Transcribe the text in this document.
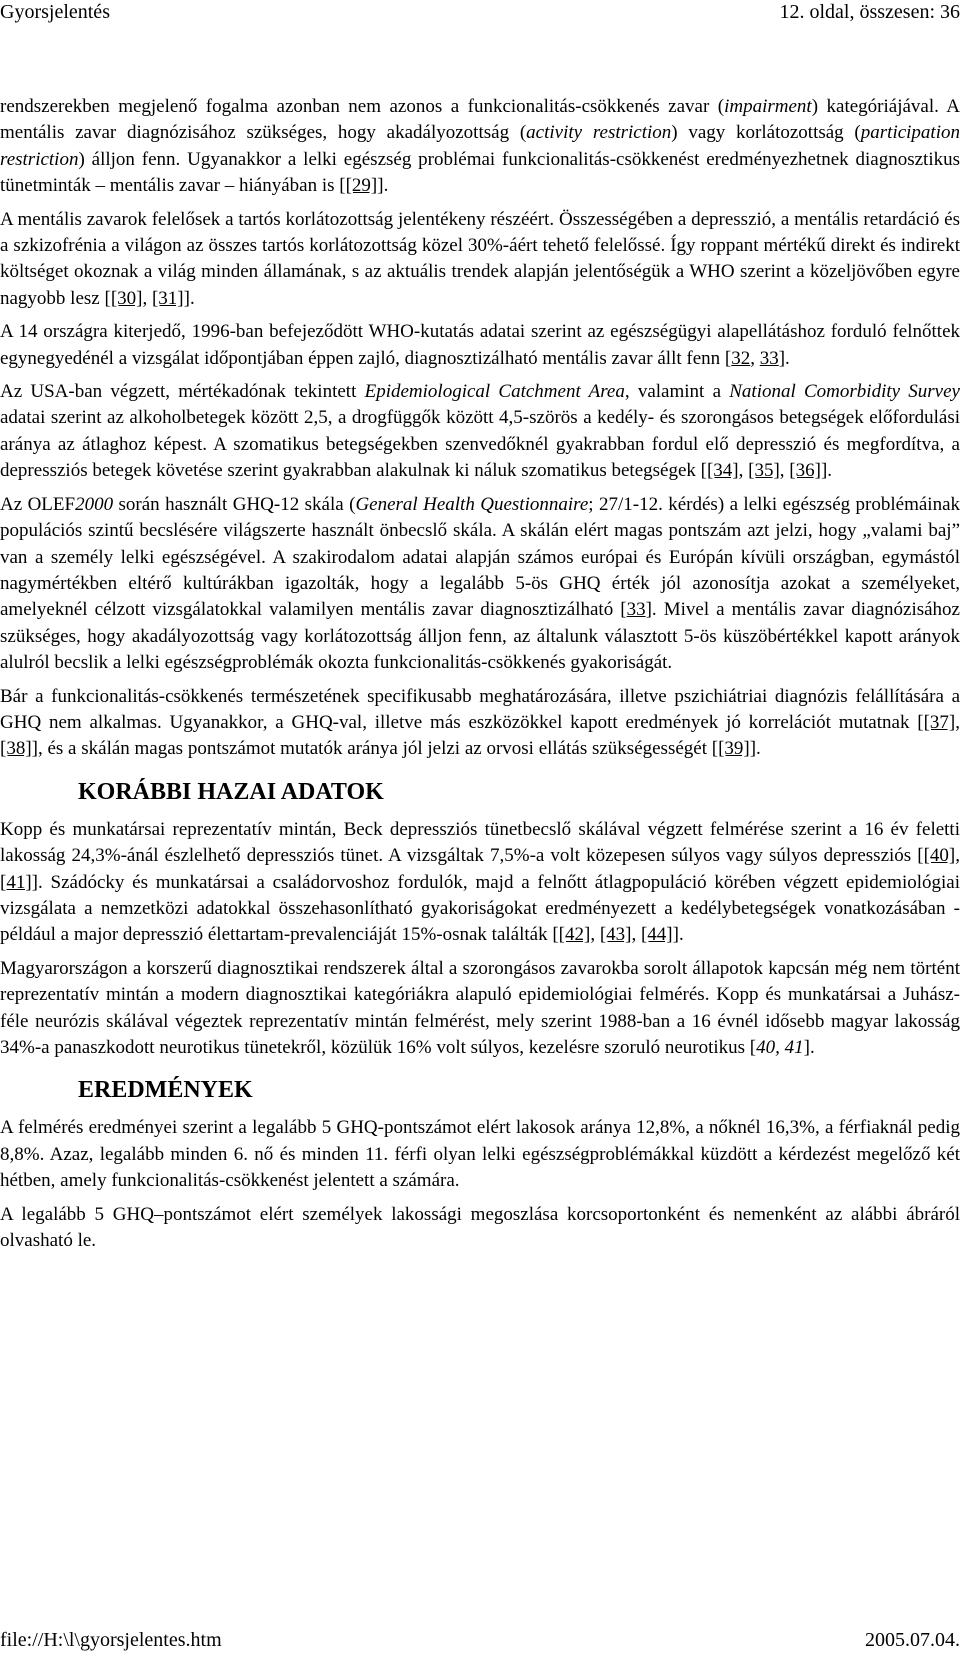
Gyorsjelentés	12. oldal, összesen: 36

rendszerekben megjelenő fogalma azonban nem azonos a funkcionalitás-csökkenés zavar (impairment) kategóriájával. A mentális zavar diagnózisához szükséges, hogy akadályozottság (activity restriction) vagy korlátozottság (participation restriction) álljon fenn. Ugyanakkor a lelki egészség problémai funkcionalitás-csökkenést eredményezhetnek diagnosztikus tünetminták – mentális zavar – hiányában is [[29]].

A mentális zavarok felelősek a tartós korlátozottság jelentékeny részéért. Összességében a depresszió, a mentális retardáció és a szkizofrénia a világon az összes tartós korlátozottság közel 30%-áért tehető felelőssé. Így roppant mértékű direkt és indirekt költséget okoznak a világ minden államának, s az aktuális trendek alapján jelentőségük a WHO szerint a közeljövőben egyre nagyobb lesz [[30], [31]].

A 14 országra kiterjedő, 1996-ban befejeződött WHO-kutatás adatai szerint az egészségügyi alapellátáshoz forduló felnőttek egynegyedénél a vizsgálat időpontjában éppen zajló, diagnosztizálható mentális zavar állt fenn [32, 33].

Az USA-ban végzett, mértékadónak tekintett Epidemiological Catchment Area, valamint a National Comorbidity Survey adatai szerint az alkoholbetegek között 2,5, a drogfüggők között 4,5-szörös a kedély- és szorongásos betegségek előfordulási aránya az átlaghoz képest. A szomatikus betegségekben szenvedőknél gyakrabban fordul elő depresszió és megfordítva, a depressziós betegek követése szerint gyakrabban alakulnak ki náluk szomatikus betegségek [[34], [35], [36]].

Az OLEF2000 során használt GHQ-12 skála (General Health Questionnaire; 27/1-12. kérdés) a lelki egészség problémáinak populációs szintű becslésére világszerte használt önbecslő skála. A skálán elért magas pontszám azt jelzi, hogy „valami baj” van a személy lelki egészségével. A szakirodalom adatai alapján számos európai és Európán kívüli országban, egymástól nagymértékben eltérő kultúrákban igazolták, hogy a legalább 5-ös GHQ érték jól azonosítja azokat a személyeket, amelyeknél célzott vizsgálatokkal valamilyen mentális zavar diagnosztizálható [33]. Mivel a mentális zavar diagnózisához szükséges, hogy akadályozottság vagy korlátozottság álljon fenn, az általunk választott 5-ös küszöbértékkel kapott arányok alulról becslik a lelki egészségproblémák okozta funkcionalitás-csökkenés gyakoriságát.

Bár a funkcionalitás-csökkenés természetének specifikusabb meghatározására, illetve pszichiátriai diagnózis felállítására a GHQ nem alkalmas. Ugyanakkor, a GHQ-val, illetve más eszközökkel kapott eredmények jó korrelációt mutatnak [[37], [38]], és a skálán magas pontszámot mutatók aránya jól jelzi az orvosi ellátás szükségességét [[39]].

KORÁBBI HAZAI ADATOK

Kopp és munkatársai reprezentatív mintán, Beck depressziós tünetbecslő skálával végzett felmérése szerint a 16 év feletti lakosság 24,3%-ánál észlelhető depressziós tünet. A vizsgáltak 7,5%-a volt közepesen súlyos vagy súlyos depressziós [[40], [41]]. Szádócky és munkatársai a családorvoshoz fordulók, majd a felnőtt átlagpopuláció körében végzett epidemiológiai vizsgálata a nemzetközi adatokkal összehasonlítható gyakoriságokat eredményezett a kedélybetegségek vonatkozásában - például a major depresszió élettartam-prevalenciáját 15%-osnak találták [[42], [43], [44]].

Magyarországon a korszerű diagnosztikai rendszerek által a szorongásos zavarokba sorolt állapotok kapcsán még nem történt reprezentatív mintán a modern diagnosztikai kategóriákra alapuló epidemiológiai felmérés. Kopp és munkatársai a Juhász-féle neurózis skálával végeztek reprezentatív mintán felmérést, mely szerint 1988-ban a 16 évnél idősebb magyar lakosság 34%-a panaszkodott neurotikus tünetekről, közülük 16% volt súlyos, kezelésre szoruló neurotikus [40, 41].

EREDMÉNYEK

A felmérés eredményei szerint a legalább 5 GHQ-pontszámot elért lakosok aránya 12,8%, a nőknél 16,3%, a férfiaknál pedig 8,8%. Azaz, legalább minden 6. nő és minden 11. férfi olyan lelki egészségproblémákkal küzdött a kérdezést megelőző két hétben, amely funkcionalitás-csökkenést jelentett a számára.

A legalább 5 GHQ–pontszámot elért személyek lakossági megoszlása korcsoportonként és nemenként az alábbi ábráról olvasható le.

file://H:\l\gyorsjelentes.htm	2005.07.04.
